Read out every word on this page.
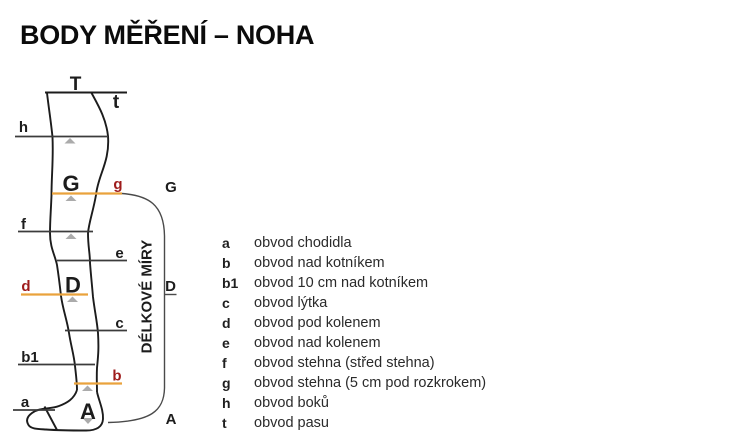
BODY MĚŘENÍ – NOHA
T
t
h
G g	G
f
e
d D	D
c
b1
b
a A	A
DÉLKOVÉ MÍRY	a	obvod chodidla
b	obvod nad kotníkem
b1	obvod 10 cm nad kotníkem
c	obvod lýtka
d	obvod pod kolenem
e	obvod nad kolenem
f	obvod stehna (střed stehna)
g	obvod stehna (5 cm pod rozkrokem)
h	obvod boků
t	obvod pasu
